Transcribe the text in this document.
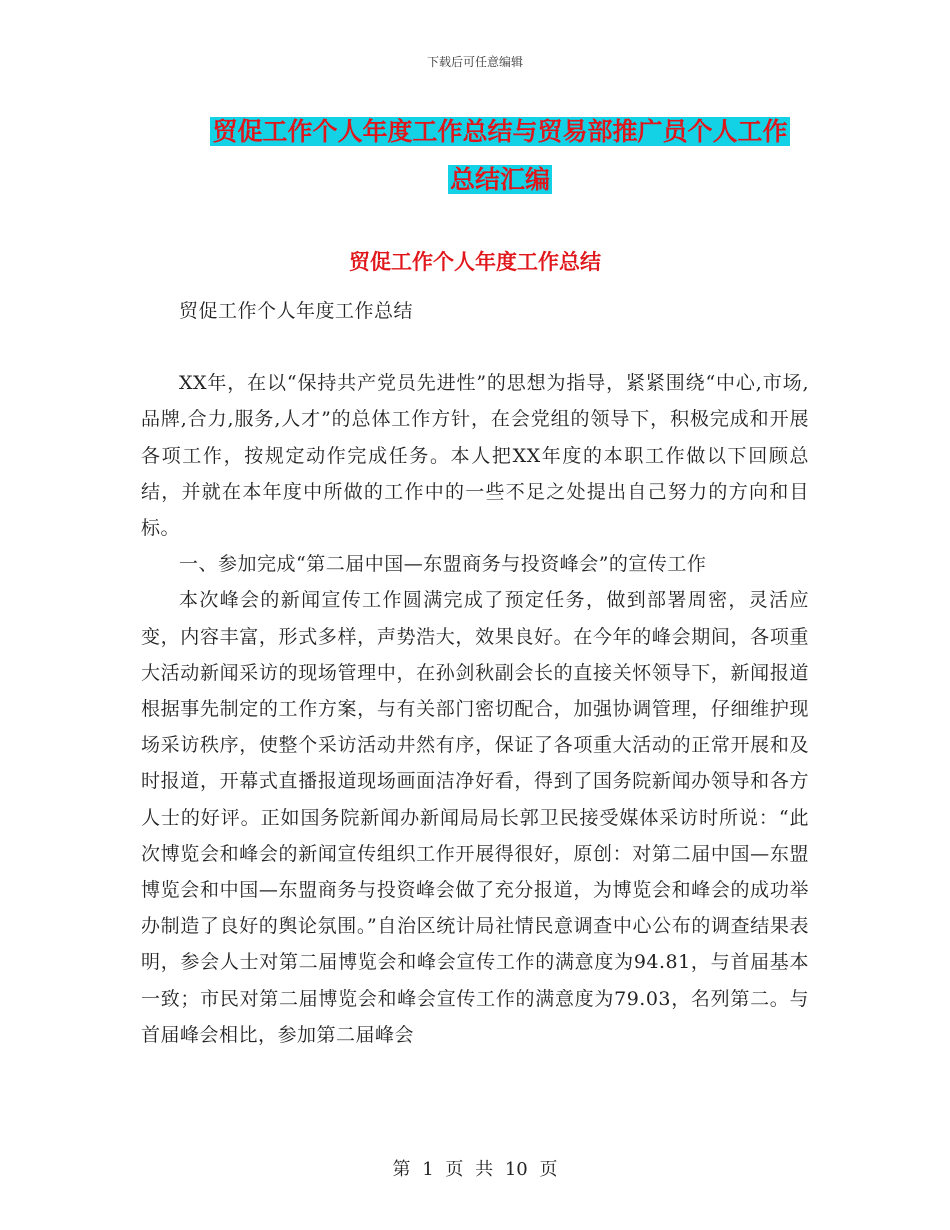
下载后可任意编辑
贸促工作个人年度工作总结与贸易部推广员个人工作
总结汇编
贸促工作个人年度工作总结

贸促工作个人年度工作总结

XX年，在以“保持共产党员先进性”的思想为指导，紧紧围绕“中心,市场,品牌,合力,服务,人才”的总体工作方针，在会党组的领导下，积极完成和开展各项工作，按规定动作完成任务。本人把XX年度的本职工作做以下回顾总结，并就在本年度中所做的工作中的一些不足之处提出自己努力的方向和目标。

一、参加完成“第二届中国—东盟商务与投资峰会”的宣传工作

本次峰会的新闻宣传工作圆满完成了预定任务，做到部署周密，灵活应变，内容丰富，形式多样，声势浩大，效果良好。在今年的峰会期间，各项重大活动新闻采访的现场管理中，在孙剑秋副会长的直接关怀领导下，新闻报道根据事先制定的工作方案，与有关部门密切配合，加强协调管理，仔细维护现场采访秩序，使整个采访活动井然有序，保证了各项重大活动的正常开展和及时报道，开幕式直播报道现场画面洁净好看，得到了国务院新闻办领导和各方人士的好评。正如国务院新闻办新闻局局长郭卫民接受媒体采访时所说：“此次博览会和峰会的新闻宣传组织工作开展得很好，原创：对第二届中国—东盟博览会和中国—东盟商务与投资峰会做了充分报道，为博览会和峰会的成功举办制造了良好的舆论氛围。”自治区统计局社情民意调查中心公布的调查结果表明，参会人士对第二届博览会和峰会宣传工作的满意度为94.81，与首届基本一致；市民对第二届博览会和峰会宣传工作的满意度为79.03，名列第二。与首届峰会相比，参加第二届峰会

第 1 页 共 10 页
